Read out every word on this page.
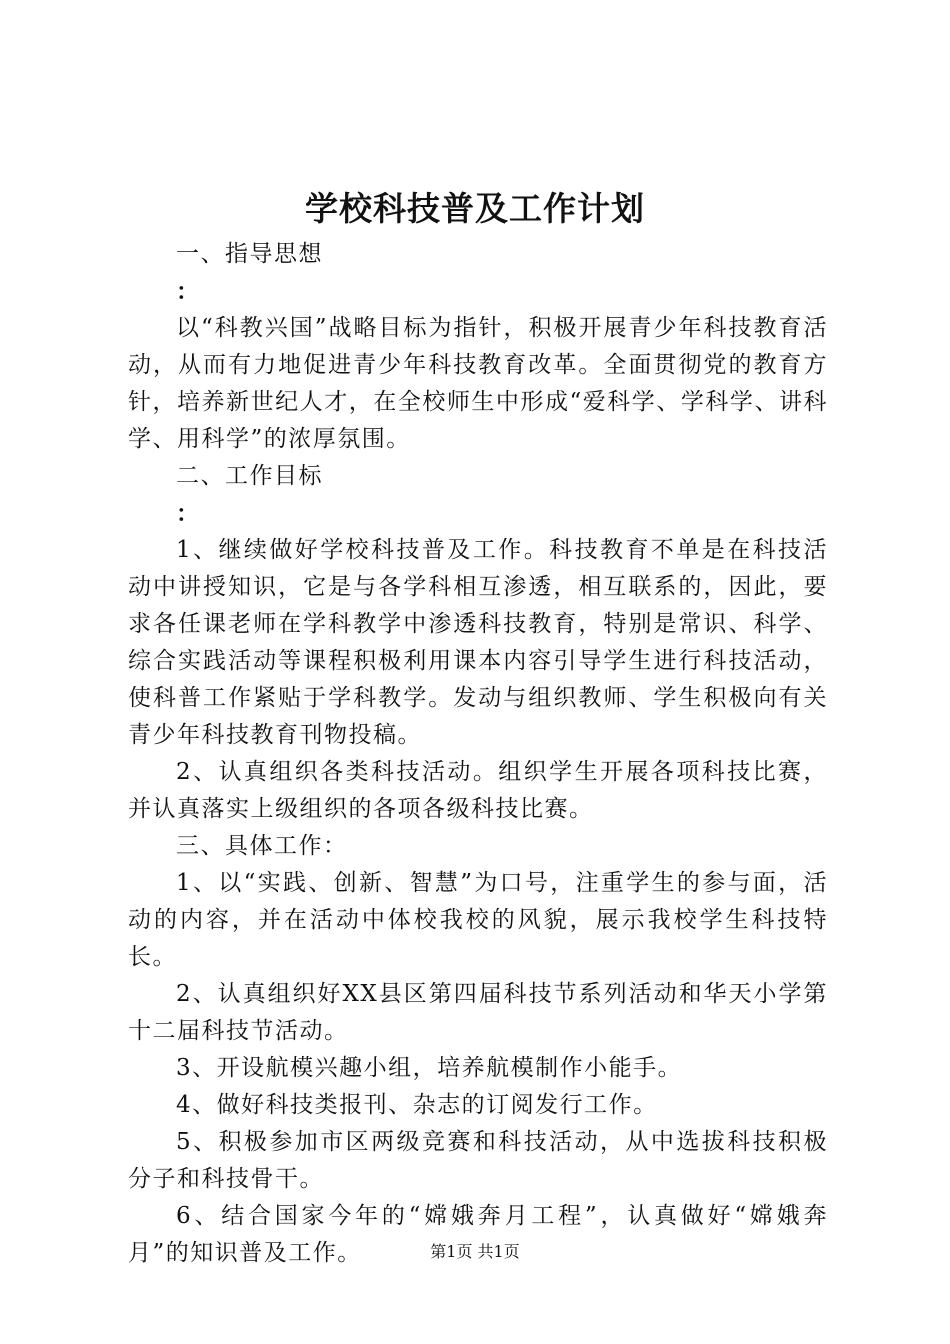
学校科技普及工作计划

一、指导思想

：

以“科教兴国”战略目标为指针，积极开展青少年科技教育活动，从而有力地促进青少年科技教育改革。全面贯彻党的教育方针，培养新世纪人才，在全校师生中形成“爱科学、学科学、讲科学、用科学”的浓厚氛围。

二、工作目标

：

1、继续做好学校科技普及工作。科技教育不单是在科技活动中讲授知识，它是与各学科相互渗透，相互联系的，因此，要求各任课老师在学科教学中渗透科技教育，特别是常识、科学、综合实践活动等课程积极利用课本内容引导学生进行科技活动，使科普工作紧贴于学科教学。发动与组织教师、学生积极向有关青少年科技教育刊物投稿。

2、认真组织各类科技活动。组织学生开展各项科技比赛，并认真落实上级组织的各项各级科技比赛。

三、具体工作：

1、以“实践、创新、智慧”为口号，注重学生的参与面，活动的内容，并在活动中体校我校的风貌，展示我校学生科技特长。

2、认真组织好XX县区第四届科技节系列活动和华天小学第十二届科技节活动。

3、开设航模兴趣小组，培养航模制作小能手。

4、做好科技类报刊、杂志的订阅发行工作。

5、积极参加市区两级竞赛和科技活动，从中选拔科技积极分子和科技骨干。

6、结合国家今年的“嫦娥奔月工程”，认真做好“嫦娥奔月”的知识普及工作。	第1页 共1页
